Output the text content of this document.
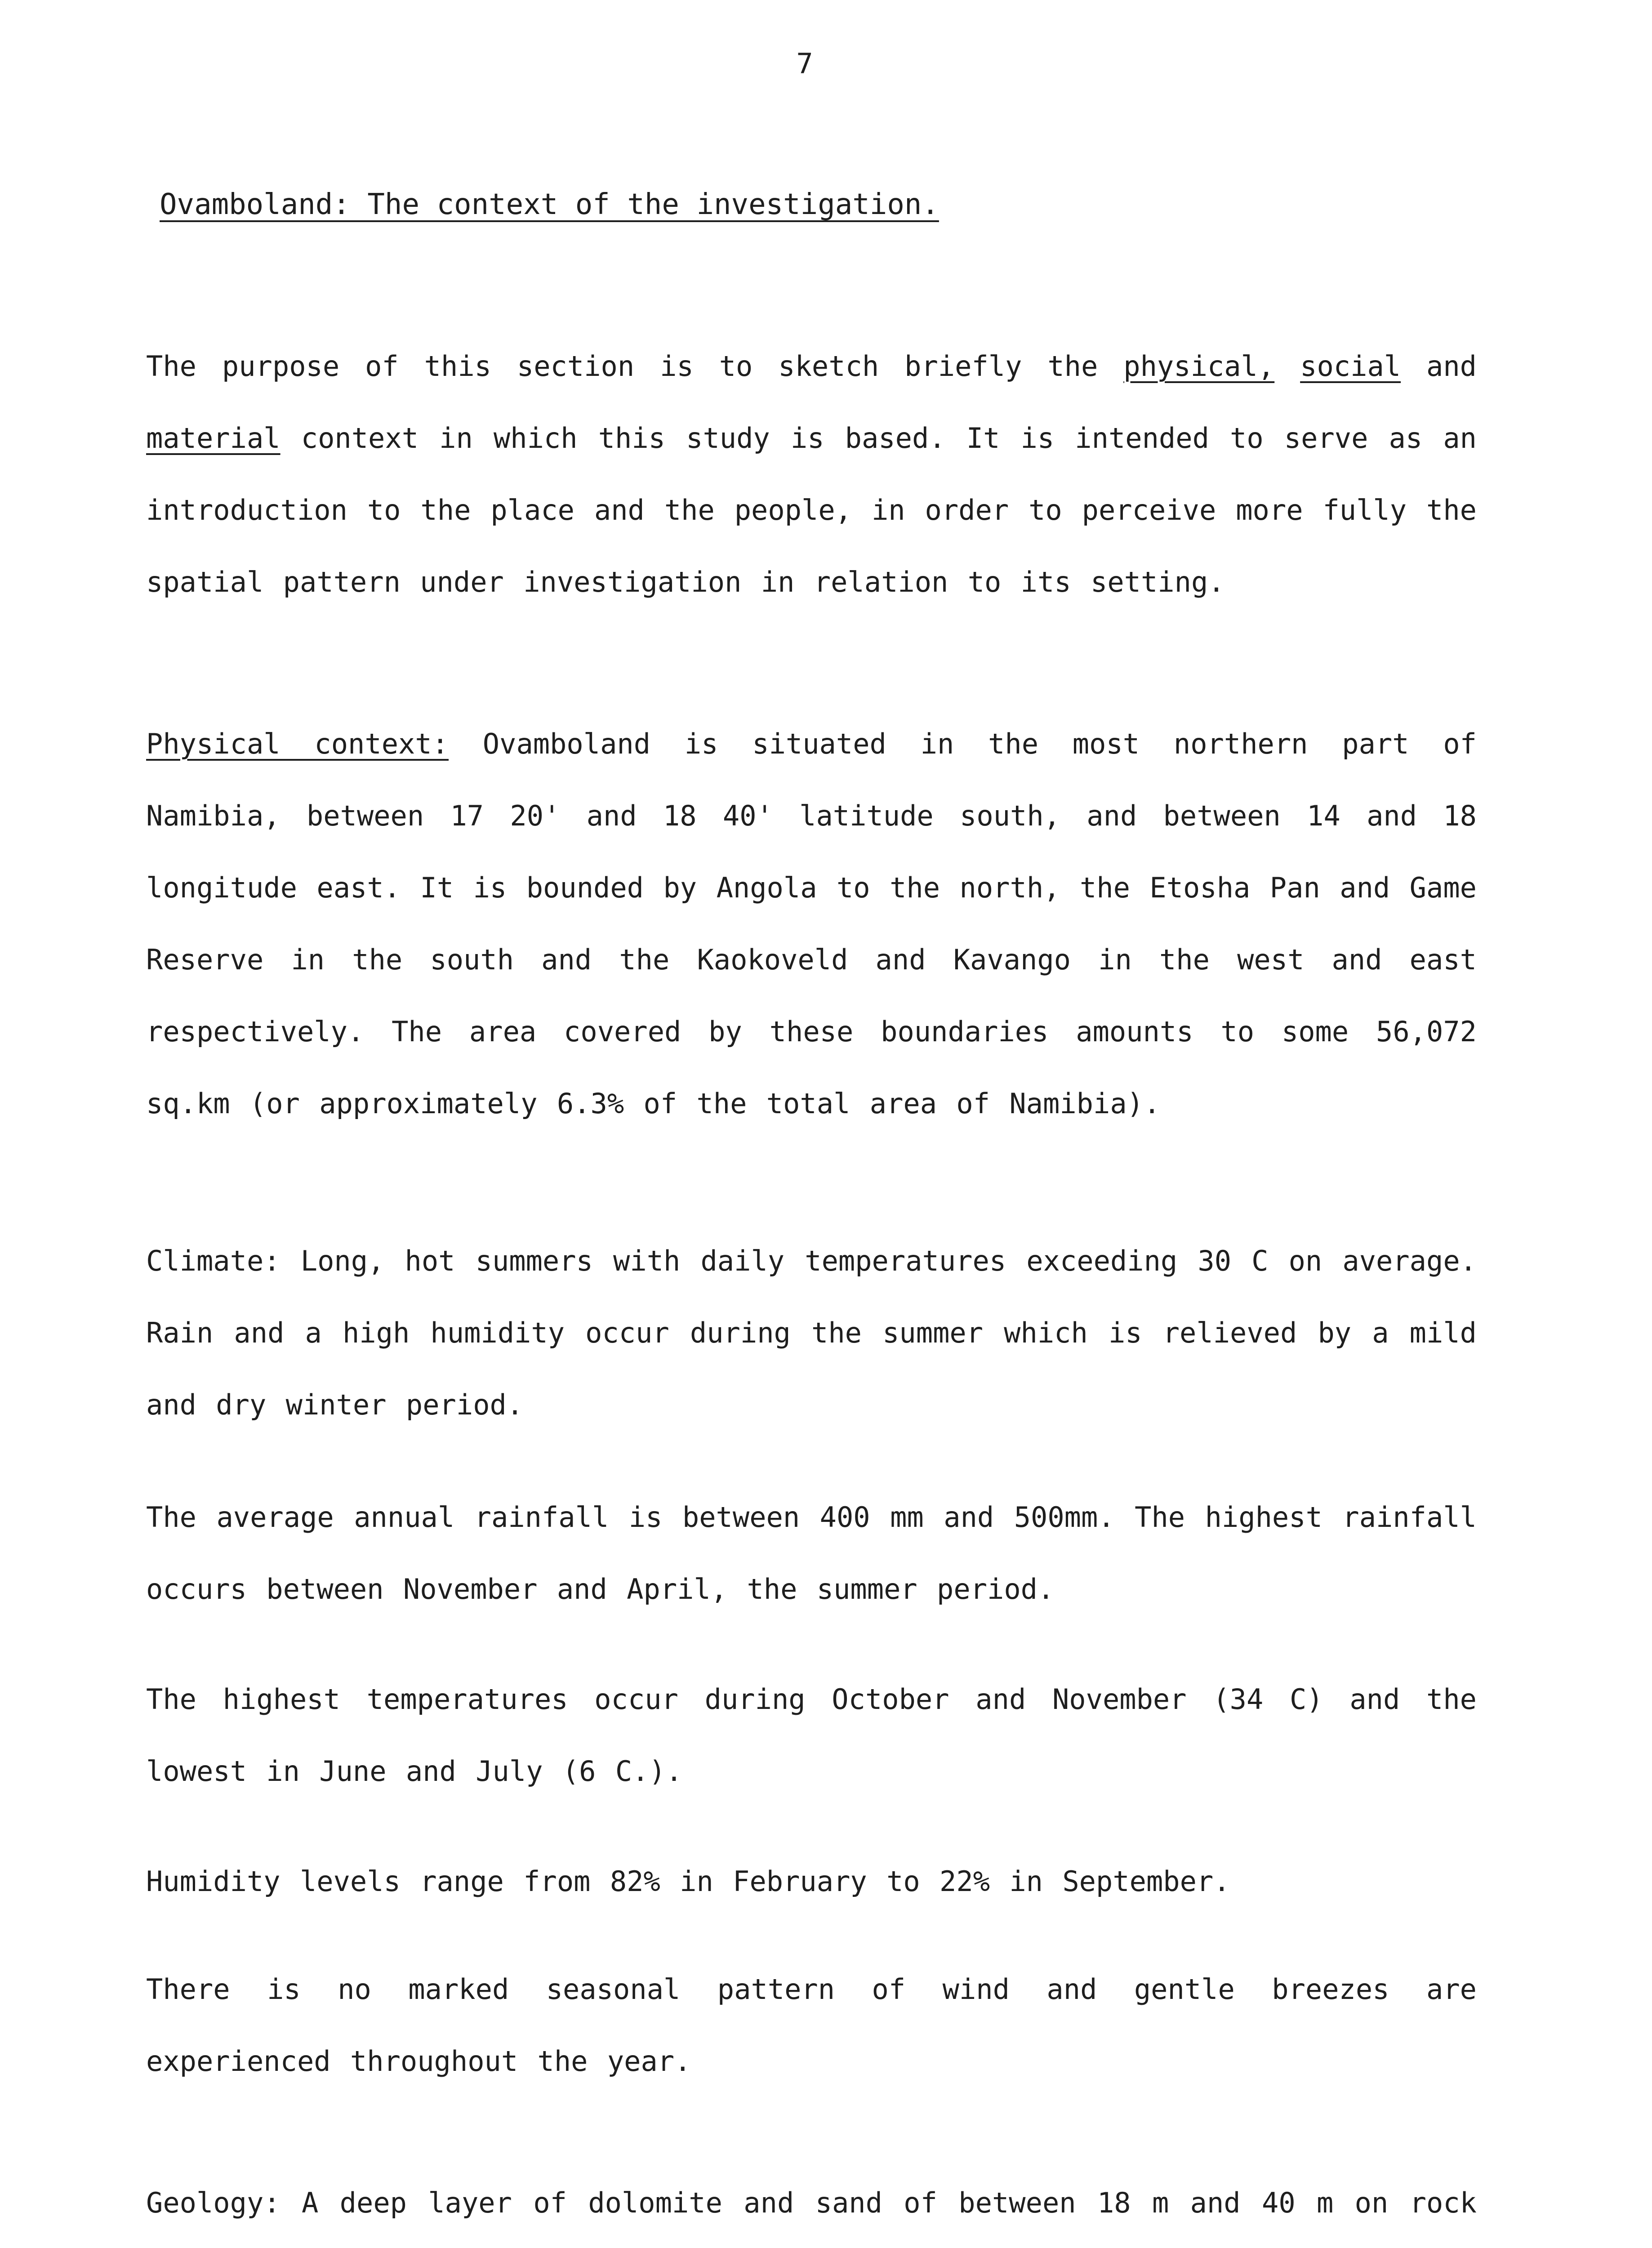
7
Ovamboland: The context of the investigation.

The purpose of this section is to sketch briefly the physical, social and material context in which this study is based. It is intended to serve as an introduction to the place and the people, in order to perceive more fully the spatial pattern under investigation in relation to its setting.

Physical context: Ovamboland is situated in the most northern part of Namibia, between 17 20' and 18 40' latitude south, and between 14 and 18 longitude east. It is bounded by Angola to the north, the Etosha Pan and Game Reserve in the south and the Kaokoveld and Kavango in the west and east respectively. The area covered by these boundaries amounts to some 56,072 sq.km (or approximately 6.3% of the total area of Namibia).

Climate: Long, hot summers with daily temperatures exceeding 30 C on average. Rain and a high humidity occur during the summer which is relieved by a mild and dry winter period.

The average annual rainfall is between 400 mm and 500mm. The highest rainfall occurs between November and April, the summer period.

The highest temperatures occur during October and November (34 C) and the lowest in June and July (6 C.).

Humidity levels range from 82% in February to 22% in September.

There is no marked seasonal pattern of wind and gentle breezes are experienced throughout the year.

Geology: A deep layer of dolomite and sand of between 18 m and 40 m on rock
